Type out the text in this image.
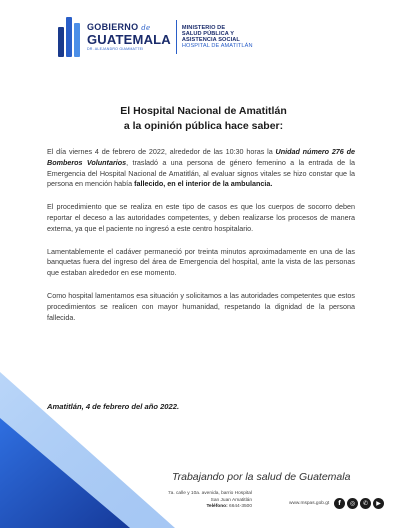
GOBIERNO de
GUATEMALA
DR. ALEJANDRO GIAMMATTEI
MINISTERIO DE
SALUD PÚBLICA Y
ASISTENCIA SOCIAL
HOSPITAL DE AMATITLÁN
El Hospital Nacional de Amatitlán
a la opinión pública hace saber:

El día viernes 4 de febrero de 2022, alrededor de las 10:30 horas la Unidad número 276 de Bomberos Voluntarios, trasladó a una persona de género femenino a la entrada de la Emergencia del Hospital Nacional de Amatitlán, al evaluar signos vitales se hizo constar que la persona en mención había fallecido, en el interior de la ambulancia.

El procedimiento que se realiza en este tipo de casos es que los cuerpos de socorro deben reportar el deceso a las autoridades competentes, y deben realizarse los procesos de manera externa, ya que el paciente no ingresó a este centro hospitalario.

Lamentablemente el cadáver permaneció por treinta minutos aproximadamente en una de las banquetas fuera del ingreso del área de Emergencia del hospital, ante la vista de las personas que estaban alrededor en ese momento.

Como hospital lamentamos esa situación y solicitamos a las autoridades competentes que estos procedimientos se realicen con mayor humanidad, respetando la dignidad de la persona fallecida.

Amatitlán, 4 de febrero del año 2022.
Trabajando por la salud de Guatemala
7a. calle y 10a. avenida, barrio Hospital
San Juan Amatitlán
Teléfono: 6644-3500
www.mspas.gob.gt	f	◎	✆	▶
